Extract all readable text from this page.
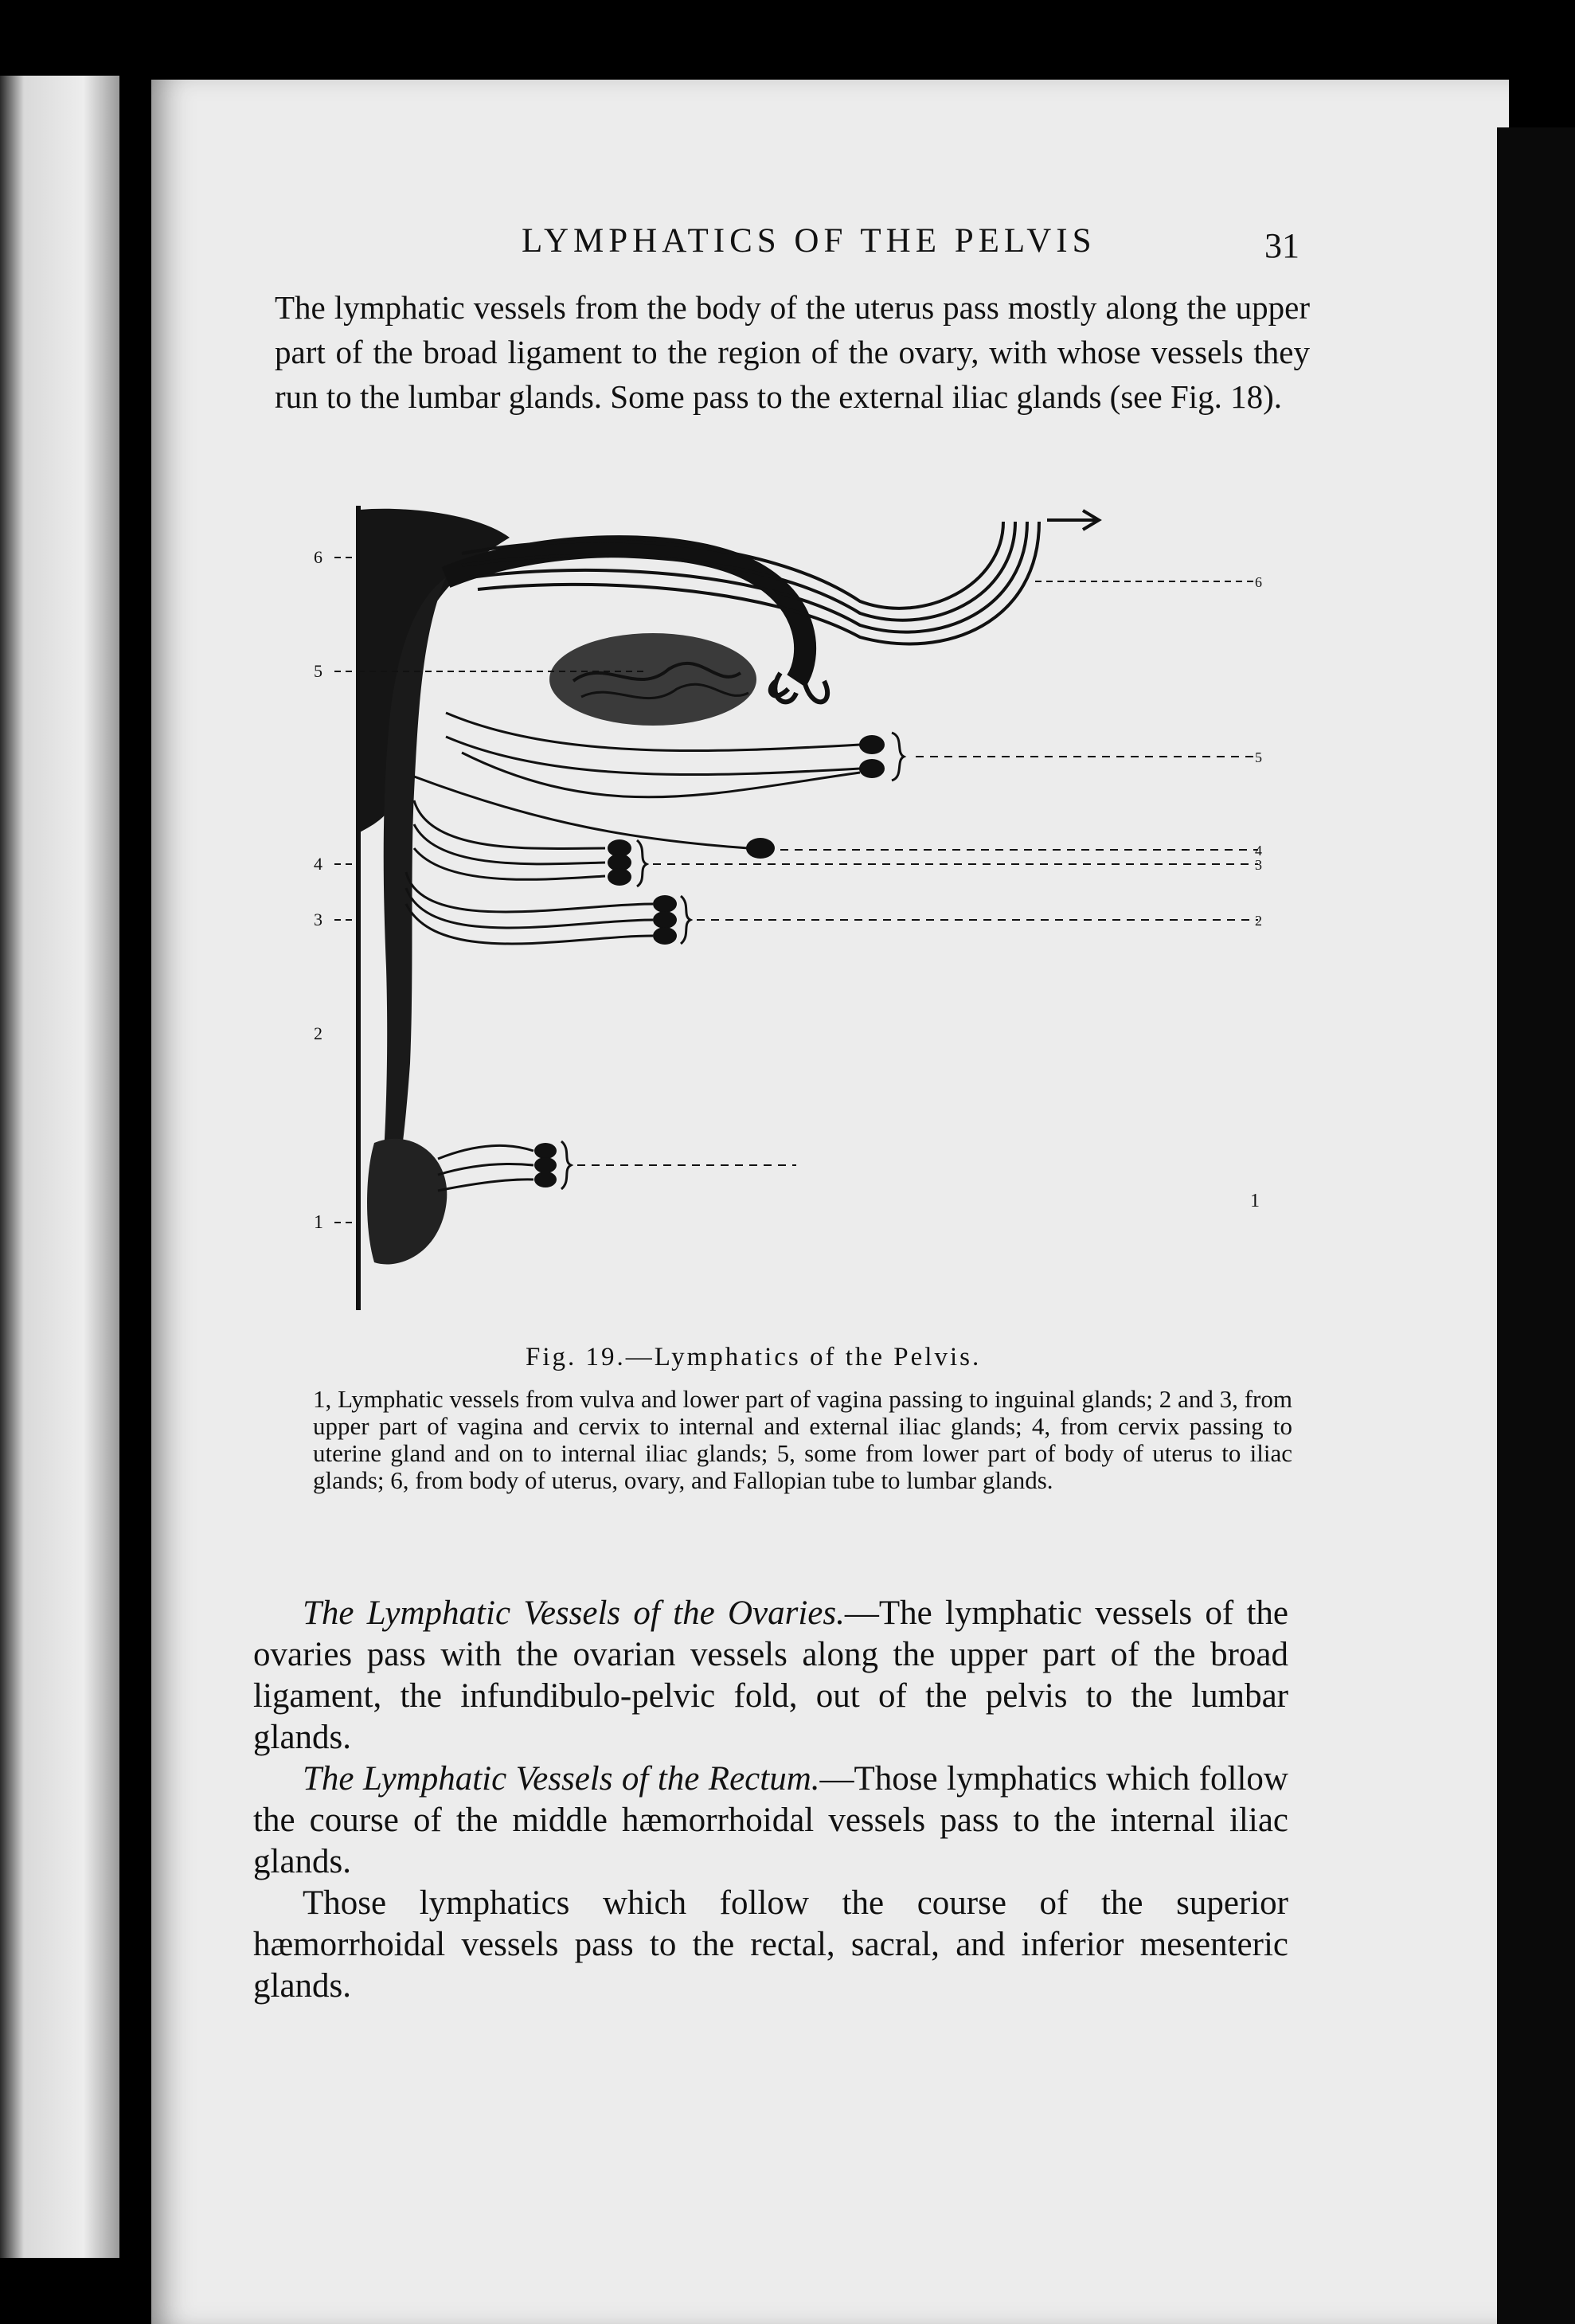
LYMPHATICS OF THE PELVIS	31
The lymphatic vessels from the body of the uterus pass mostly along the upper part of the broad ligament to the region of the ovary, with whose vessels they run to the lumbar glands. Some pass to the external iliac glands (see Fig. 18).
6
5
4
3
2
1
6
5
4
3
2
1
Fig. 19.—Lymphatics of the Pelvis.
1, Lymphatic vessels from vulva and lower part of vagina passing to inguinal glands; 2 and 3, from upper part of vagina and cervix to internal and external iliac glands; 4, from cervix passing to uterine gland and on to internal iliac glands; 5, some from lower part of body of uterus to iliac glands; 6, from body of uterus, ovary, and Fallopian tube to lumbar glands.
The Lymphatic Vessels of the Ovaries.—The lymphatic vessels of the ovaries pass with the ovarian vessels along the upper part of the broad ligament, the infundibulo-pelvic fold, out of the pelvis to the lumbar glands.
The Lymphatic Vessels of the Rectum.—Those lymphatics which follow the course of the middle hæmorrhoidal vessels pass to the internal iliac glands.
Those lymphatics which follow the course of the superior hæmorrhoidal vessels pass to the rectal, sacral, and inferior mesenteric glands.
